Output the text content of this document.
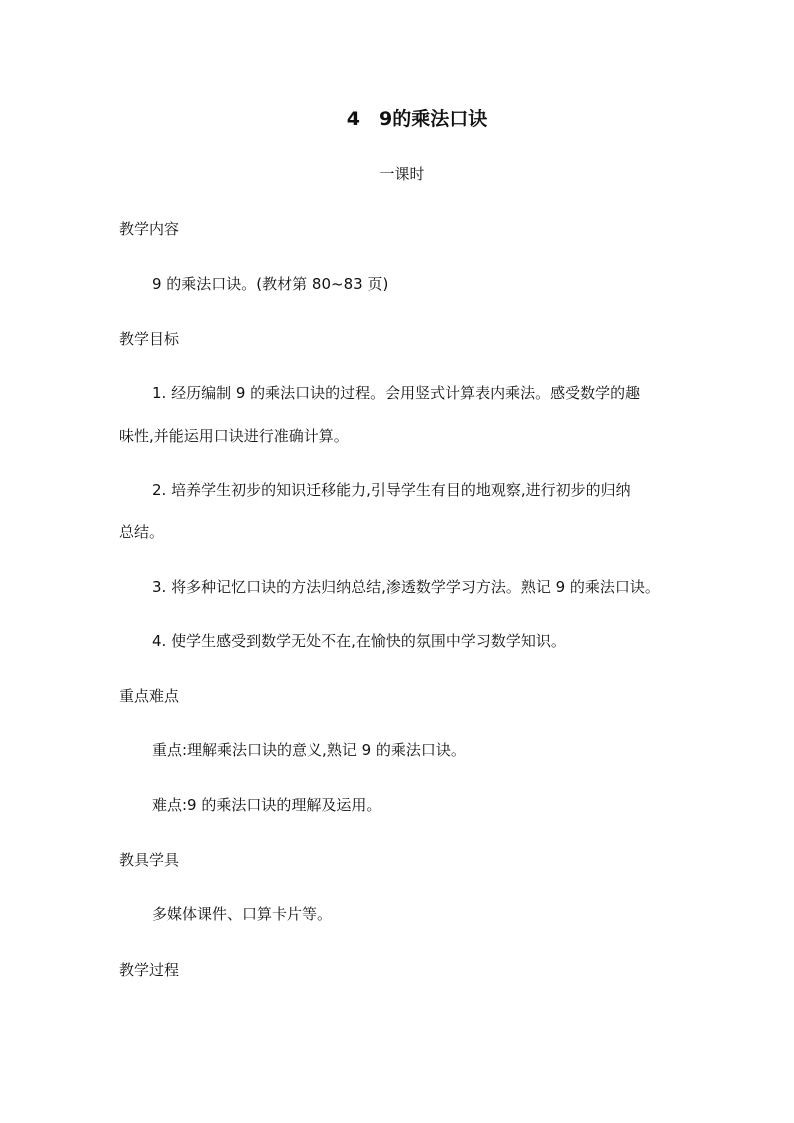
4　9的乘法口诀
一课时
教学内容
9 的乘法口诀。(教材第 80~83 页)
教学目标
1. 经历编制 9 的乘法口诀的过程。会用竖式计算表内乘法。感受数学的趣
味性,并能运用口诀进行准确计算。
2. 培养学生初步的知识迁移能力,引导学生有目的地观察,进行初步的归纳
总结。
3. 将多种记忆口诀的方法归纳总结,渗透数学学习方法。熟记 9 的乘法口诀。
4. 使学生感受到数学无处不在,在愉快的氛围中学习数学知识。
重点难点
重点:理解乘法口诀的意义,熟记 9 的乘法口诀。
难点:9 的乘法口诀的理解及运用。
教具学具
多媒体课件、口算卡片等。
教学过程
